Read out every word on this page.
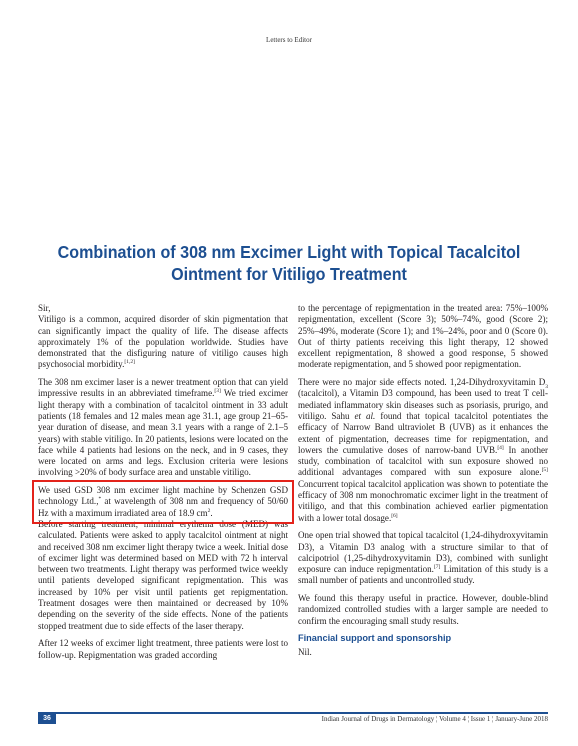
Letters to Editor
Combination of 308 nm Excimer Light with Topical Tacalcitol
Ointment for Vitiligo Treatment

Sir,

Vitiligo is a common, acquired disorder of skin pigmentation that can significantly impact the quality of life. The disease affects approximately 1% of the population worldwide. Studies have demonstrated that the disfiguring nature of vitiligo causes high psychosocial morbidity.[1,2]

The 308 nm excimer laser is a newer treatment option that can yield impressive results in an abbreviated timeframe.[3] We tried excimer light therapy with a combination of tacalcitol ointment in 33 adult patients (18 females and 12 males mean age 31.1, age group 21–65-year duration of disease, and mean 3.1 years with a range of 2.1–5 years) with stable vitiligo. In 20 patients, lesions were located on the face while 4 patients had lesions on the neck, and in 9 cases, they were located on arms and legs. Exclusion criteria were lesions involving >20% of body surface area and unstable vitiligo.

We used GSD 308 nm excimer light machine by Schenzen GSD technology Ltd.,* at wavelength of 308 nm and frequency of 50/60 Hz with a maximum irradiated area of 18.9 $cm^2$.

Before starting treatment, minimal erythema dose (MED) was calculated. Patients were asked to apply tacalcitol ointment at night and received 308 nm excimer light therapy twice a week. Initial dose of excimer light was determined based on MED with 72 h interval between two treatments. Light therapy was performed twice weekly until patients developed significant repigmentation. This was increased by 10% per visit until patients get repigmentation. Treatment dosages were then maintained or decreased by 10% depending on the severity of the side effects. None of the patients stopped treatment due to side effects of the laser therapy.

After 12 weeks of excimer light treatment, three patients were lost to follow-up. Repigmentation was graded according

to the percentage of repigmentation in the treated area: 75%–100% repigmentation, excellent (Score 3); 50%–74%, good (Score 2); 25%–49%, moderate (Score 1); and 1%–24%, poor and 0 (Score 0). Out of thirty patients receiving this light therapy, 12 showed excellent repigmentation, 8 showed a good response, 5 showed moderate repigmentation, and 5 showed poor repigmentation.

There were no major side effects noted. 1,24-Dihydroxyvitamin $D_3$ (tacalcitol), a Vitamin D3 compound, has been used to treat T cell-mediated inflammatory skin diseases such as psoriasis, prurigo, and vitiligo. Sahu et al. found that topical tacalcitol potentiates the efficacy of Narrow Band ultraviolet B (UVB) as it enhances the extent of pigmentation, decreases time for repigmentation, and lowers the cumulative doses of narrow-band UVB.[4] In another study, combination of tacalcitol with sun exposure showed no additional advantages compared with sun exposure alone.[5] Concurrent topical tacalcitol application was shown to potentiate the efficacy of 308 nm monochromatic excimer light in the treatment of vitiligo, and that this combination achieved earlier pigmentation with a lower total dosage.[6]

One open trial showed that topical tacalcitol (1,24-dihydroxyvitamin D3), a Vitamin D3 analog with a structure similar to that of calcipotriol (1,25-dihydroxyvitamin D3), combined with sunlight exposure can induce repigmentation.[7] Limitation of this study is a small number of patients and uncontrolled study.

We found this therapy useful in practice. However, double-blind randomized controlled studies with a larger sample are needed to confirm the encouraging small study results.

Financial support and sponsorship

Nil.

36	Indian Journal of Drugs in Dermatology ¦ Volume 4 ¦ Issue 1 ¦ January-June 2018
